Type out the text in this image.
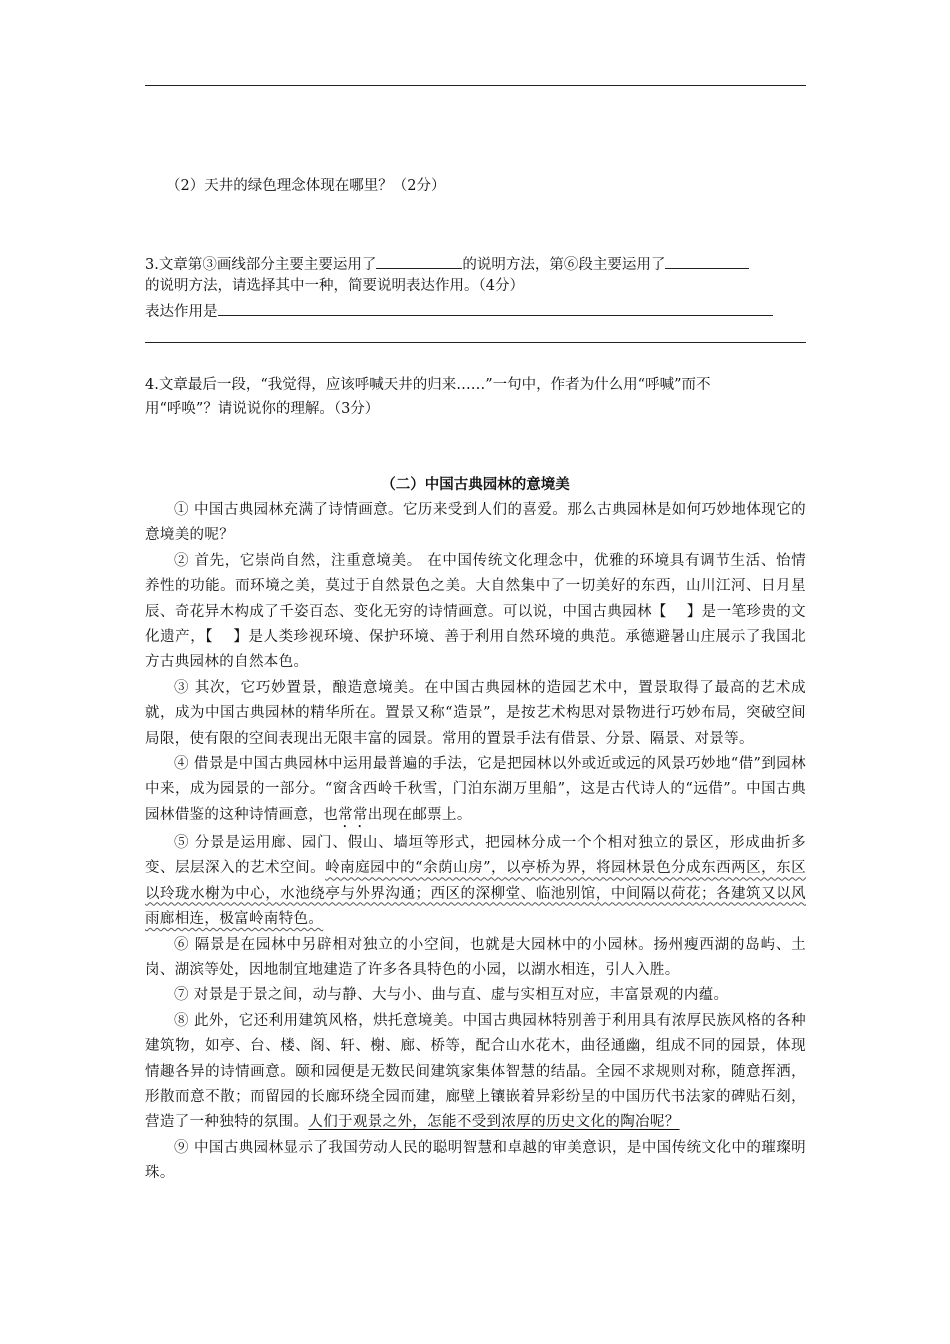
（2）天井的绿色理念体现在哪里？（2分）
3.文章第③画线部分主要主要运用了	的说明方法，第⑥段主要运用了
的说明方法，请选择其中一种，简要说明表达作用。（4分）
表达作用是
4.文章最后一段，“我觉得，应该呼喊天井的归来……”一句中，作者为什么用“呼喊”而不
用“呼唤”？请说说你的理解。（3分）
（二）中国古典园林的意境美

① 中国古典园林充满了诗情画意。它历来受到人们的喜爱。那么古典园林是如何巧妙地体现它的意境美的呢？

② 首先，它崇尚自然，注重意境美。 在中国传统文化理念中，优雅的环境具有调节生活、怡情养性的功能。而环境之美，莫过于自然景色之美。大自然集中了一切美好的东西，山川江河、日月星辰、奇花异木构成了千姿百态、变化无穷的诗情画意。可以说，中国古典园林【　 】是一笔珍贵的文化遗产，【　 】是人类珍视环境、保护环境、善于利用自然环境的典范。承德避暑山庄展示了我国北方古典园林的自然本色。

③ 其次，它巧妙置景，酿造意境美。在中国古典园林的造园艺术中，置景取得了最高的艺术成就，成为中国古典园林的精华所在。置景又称“造景”，是按艺术构思对景物进行巧妙布局，突破空间局限，使有限的空间表现出无限丰富的园景。常用的置景手法有借景、分景、隔景、对景等。

④ 借景是中国古典园林中运用最普遍的手法，它是把园林以外或近或远的风景巧妙地“借”到园林中来，成为园景的一部分。“窗含西岭千秋雪，门泊东湖万里船”，这是古代诗人的“远借”。中国古典园林借鉴的这种诗情画意，也常常出现在邮票上。

⑤ 分景是运用廊、园门、假山、墙垣等形式，把园林分成一个个相对独立的景区，形成曲折多变、层层深入的艺术空间。岭南庭园中的“余荫山房”，以亭桥为界，将园林景色分成东西两区，东区以玲珑水榭为中心，水池绕亭与外界沟通；西区的深柳堂、临池别馆，中间隔以荷花；各建筑又以风雨廊相连，极富岭南特色。

⑥ 隔景是在园林中另辟相对独立的小空间，也就是大园林中的小园林。扬州瘦西湖的岛屿、土岗、湖滨等处，因地制宜地建造了许多各具特色的小园，以湖水相连，引人入胜。

⑦ 对景是于景之间，动与静、大与小、曲与直、虚与实相互对应，丰富景观的内蕴。

⑧ 此外，它还利用建筑风格，烘托意境美。中国古典园林特别善于利用具有浓厚民族风格的各种建筑物，如亭、台、楼、阁、轩、榭、廊、桥等，配合山水花木，曲径通幽，组成不同的园景，体现情趣各异的诗情画意。颐和园便是无数民间建筑家集体智慧的结晶。全园不求规则对称，随意挥洒，形散而意不散；而留园的长廊环绕全园而建，廊壁上镶嵌着异彩纷呈的中国历代书法家的碑贴石刻，营造了一种独特的氛围。人们于观景之外，怎能不受到浓厚的历史文化的陶冶呢？

⑨ 中国古典园林显示了我国劳动人民的聪明智慧和卓越的审美意识，是中国传统文化中的璀璨明珠。
